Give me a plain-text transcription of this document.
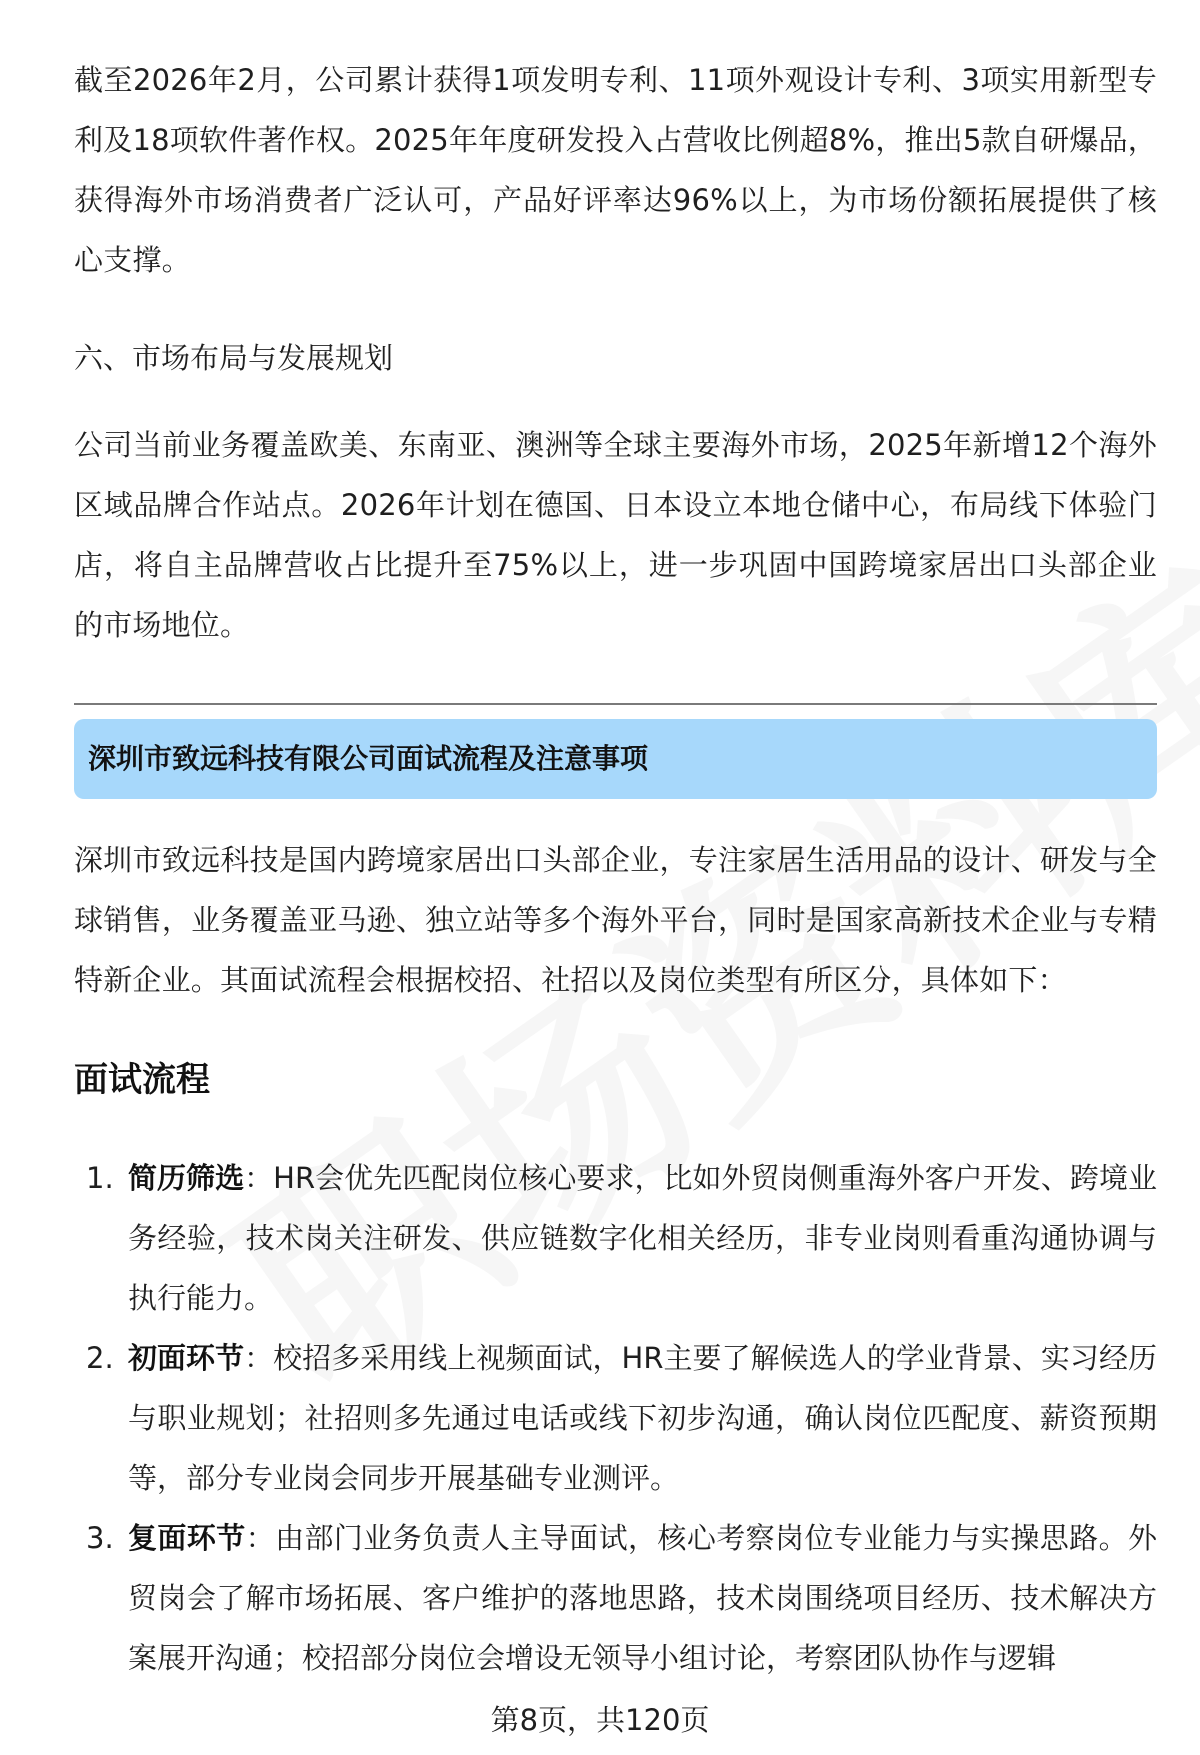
截至2026年2月，公司累计获得1项发明专利、11项外观设计专利、3项实用新型专利及18项软件著作权。2025年年度研发投入占营收比例超8%，推出5款自研爆品，获得海外市场消费者广泛认可，产品好评率达96%以上，为市场份额拓展提供了核心支撑。

六、市场布局与发展规划

公司当前业务覆盖欧美、东南亚、澳洲等全球主要海外市场，2025年新增12个海外区域品牌合作站点。2026年计划在德国、日本设立本地仓储中心，布局线下体验门店，将自主品牌营收占比提升至75%以上，进一步巩固中国跨境家居出口头部企业的市场地位。

深圳市致远科技有限公司面试流程及注意事项

深圳市致远科技是国内跨境家居出口头部企业，专注家居生活用品的设计、研发与全球销售，业务覆盖亚马逊、独立站等多个海外平台，同时是国家高新技术企业与专精特新企业。其面试流程会根据校招、社招以及岗位类型有所区分，具体如下：

面试流程
1. 简历筛选：HR会优先匹配岗位核心要求，比如外贸岗侧重海外客户开发、跨境业务经验，技术岗关注研发、供应链数字化相关经历，非专业岗则看重沟通协调与执行能力。
2. 初面环节：校招多采用线上视频面试，HR主要了解候选人的学业背景、实习经历与职业规划；社招则多先通过电话或线下初步沟通，确认岗位匹配度、薪资预期等，部分专业岗会同步开展基础专业测评。
3. 复面环节：由部门业务负责人主导面试，核心考察岗位专业能力与实操思路。外贸岗会了解市场拓展、客户维护的落地思路，技术岗围绕项目经历、技术解决方案展开沟通；校招部分岗位会增设无领导小组讨论，考察团队协作与逻辑
第8页，共120页
